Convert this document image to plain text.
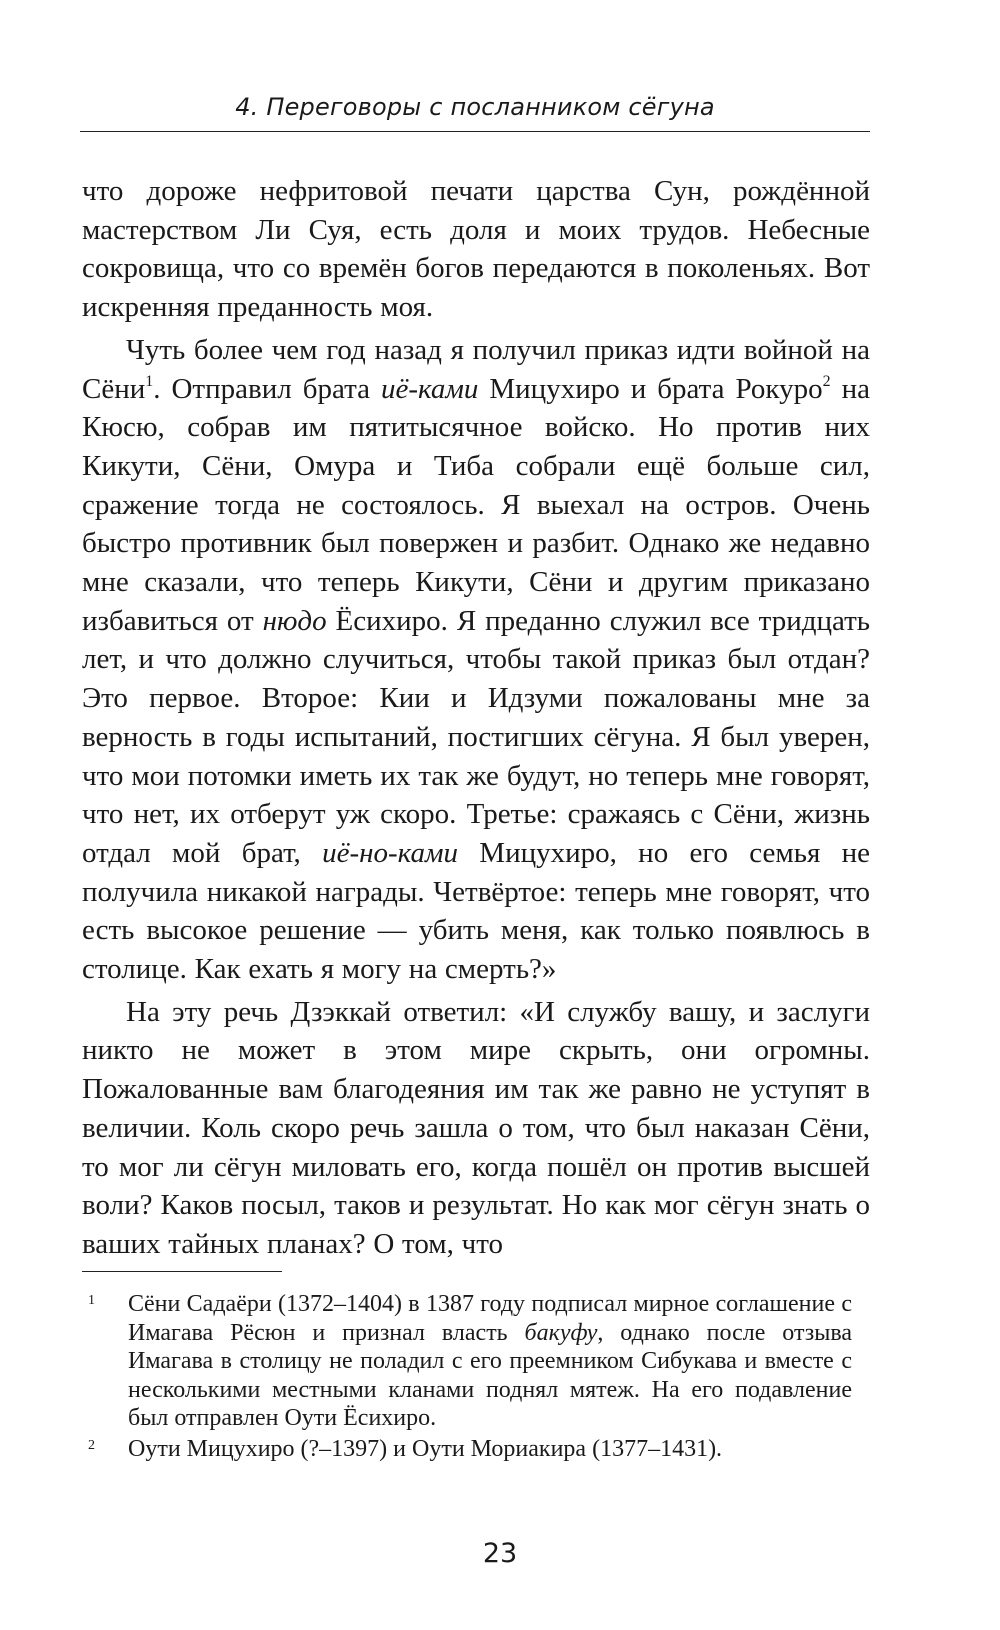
4. Переговоры с посланником сёгуна

что дороже нефритовой печати царства Сун, рождённой мастерством Ли Суя, есть доля и моих трудов. Небесные сокровища, что со времён богов передаются в поколеньях. Вот искренняя преданность моя.

Чуть более чем год назад я получил приказ идти войной на Сёни$^1$. Отправил брата иё-ками Мицухиро и брата Рокуро$^2$ на Кюсю, собрав им пятитысячное войско. Но против них Кикути, Сёни, Омура и Тиба собрали ещё больше сил, сражение тогда не состоялось. Я выехал на остров. Очень быстро противник был повержен и разбит. Однако же недавно мне сказали, что теперь Кикути, Сёни и другим приказано избавиться от нюдо Ёсихиро. Я преданно служил все тридцать лет, и что должно случиться, чтобы такой приказ был отдан? Это первое. Второе: Кии и Идзуми пожалованы мне за верность в годы испытаний, постигших сёгуна. Я был уверен, что мои потомки иметь их так же будут, но теперь мне говорят, что нет, их отберут уж скоро. Третье: сражаясь с Сёни, жизнь отдал мой брат, иё-но-ками Мицухиро, но его семья не получила никакой награды. Четвёртое: теперь мне говорят, что есть высокое решение — убить меня, как только появлюсь в столице. Как ехать я могу на смерть?»

На эту речь Дзэккай ответил: «И службу вашу, и заслуги никто не может в этом мире скрыть, они огромны. Пожалованные вам благодеяния им так же равно не уступят в величии. Коль скоро речь зашла о том, что был наказан Сёни, то мог ли сёгун миловать его, когда пошёл он против высшей воли? Каков посыл, таков и результат. Но как мог сёгун знать о ваших тайных планах? О том, что

1	Сёни Садаёри (1372–1404) в 1387 году подписал мирное соглашение с Имагава Рёсюн и признал власть бакуфу, однако после отзыва Имагава в столицу не поладил с его преемником Сибукава и вместе с несколькими местными кланами поднял мятеж. На его подавление был отправлен Оути Ёсихиро.
2	Оути Мицухиро (?–1397) и Оути Мориакира (1377–1431).
23
